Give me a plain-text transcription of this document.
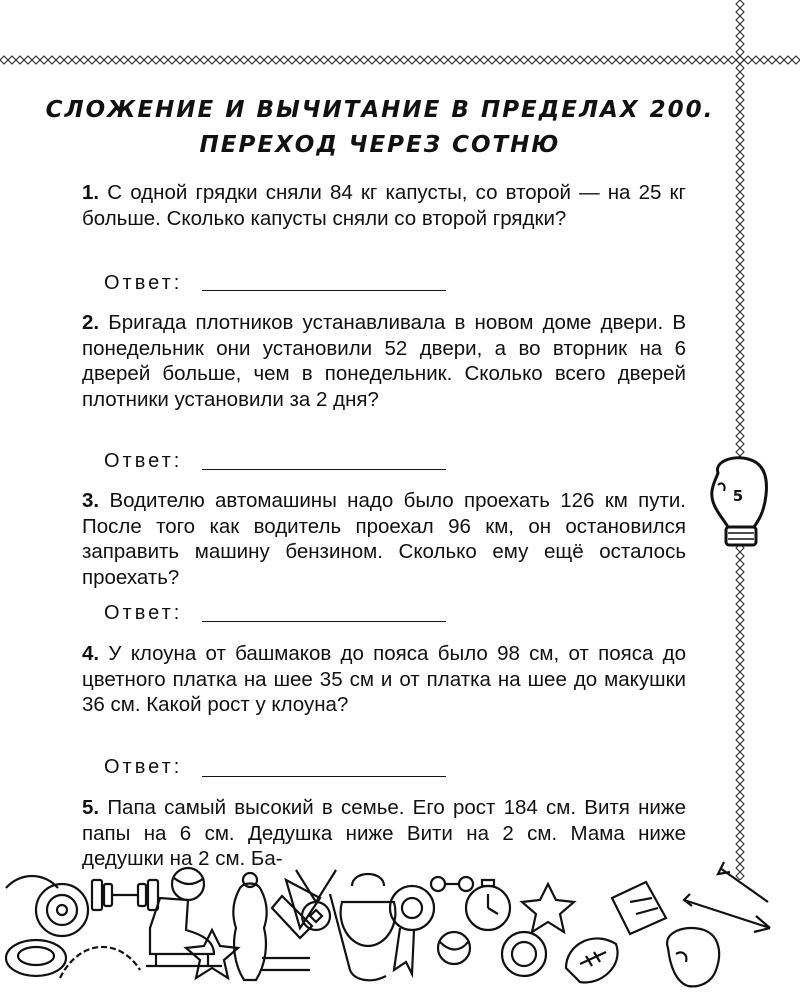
СЛОЖЕНИЕ И ВЫЧИТАНИЕ В ПРЕДЕЛАХ 200.
ПЕРЕХОД ЧЕРЕЗ СОТНЮ
1. С одной грядки сняли 84 кг капусты, со второй — на 25 кг больше. Сколько капусты сняли со второй грядки?
Ответ:
2. Бригада плотников устанавливала в новом доме двери. В понедельник они установили 52 двери, а во вторник на 6 дверей больше, чем в понедельник. Сколько всего дверей плотники установили за 2 дня?
Ответ:
3. Водителю автомашины надо было проехать 126 км пути. После того как водитель проехал 96 км, он остановился заправить машину бензином. Сколько ему ещё осталось проехать?
Ответ:
4. У клоуна от башмаков до пояса было 98 см, от пояса до цветного платка на шее 35 см и от платка на шее до макушки 36 см. Какой рост у клоуна?
Ответ:
5. Папа самый высокий в семье. Его рост 184 см. Витя ниже папы на 6 см. Дедушка ниже Вити на 2 см. Мама ниже дедушки на 2 см. Ба-
5
